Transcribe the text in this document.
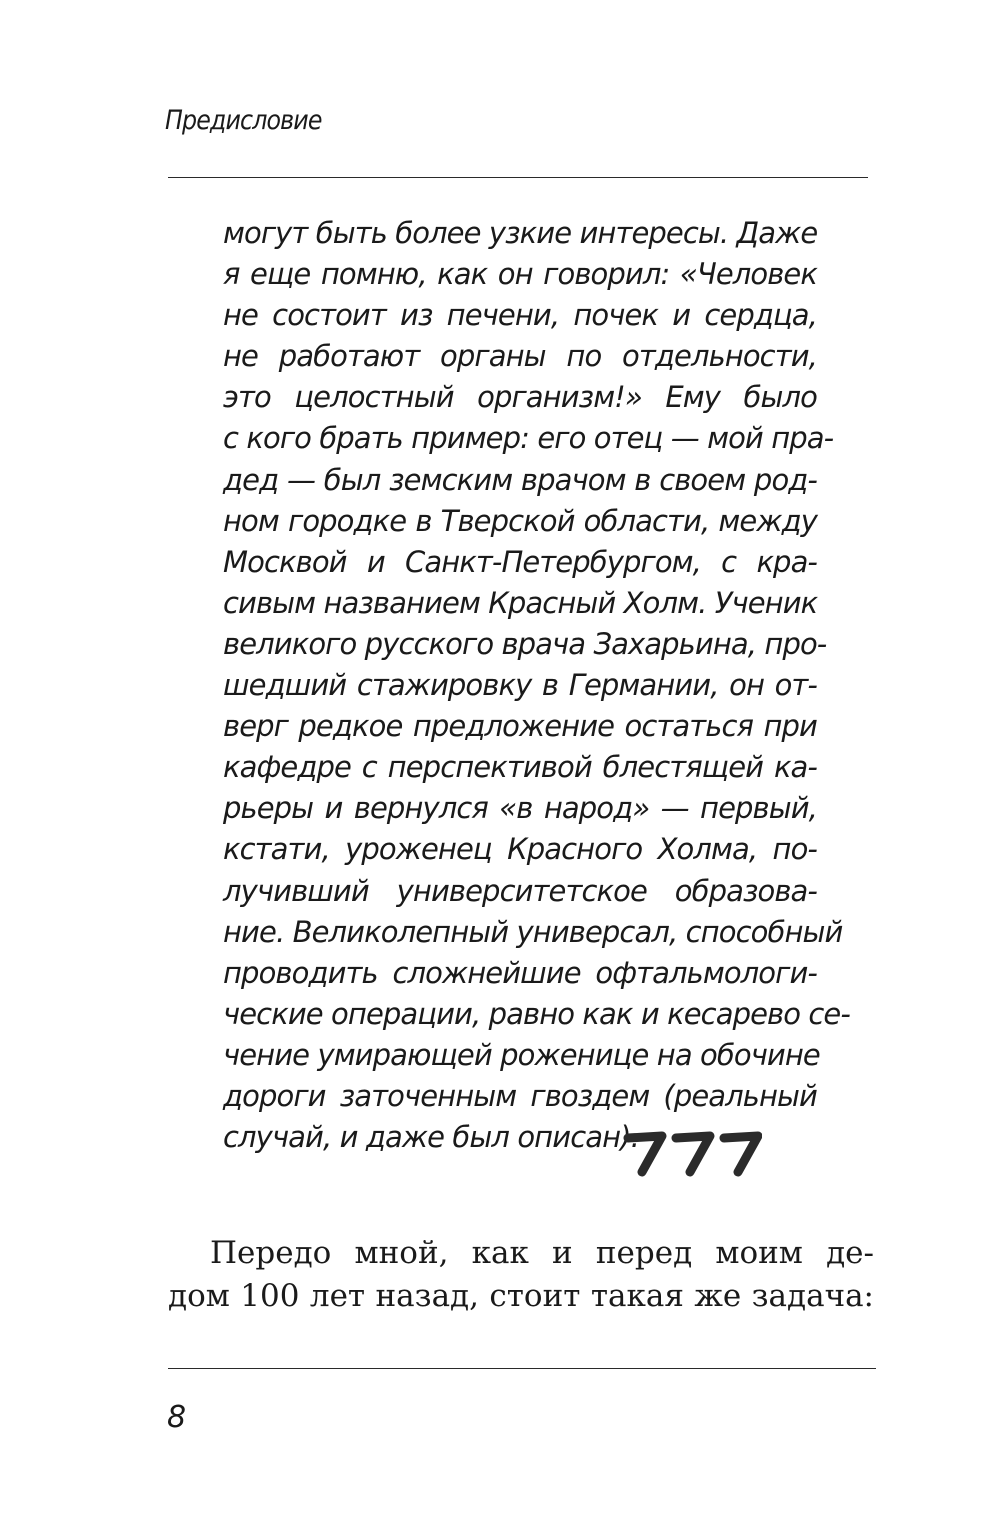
Предисловие
могут быть более узкие интересы. Даже
я еще помню, как он говорил: «Человек
не состоит из печени, почек и сердца,
не работают органы по отдельности,
это целостный организм!» Ему было
с кого брать пример: его отец — мой пра-
дед — был земским врачом в своем род-
ном городке в Тверской области, между
Москвой и Санкт-Петербургом, с кра-
сивым названием Красный Холм. Ученик
великого русского врача Захарьина, про-
шедший стажировку в Германии, он от-
верг редкое предложение остаться при
кафедре с перспективой блестящей ка-
рьеры и вернулся «в народ» — первый,
кстати, уроженец Красного Холма, по-
лучивший университетское образова-
ние. Великолепный универсал, способный
проводить сложнейшие офтальмологи-
ческие операции, равно как и кесарево се-
чение умирающей роженице на обочине
дороги заточенным гвоздем (реальный
случай, и даже был описан).
Передо мной, как и перед моим де-
дом 100 лет назад, стоит такая же задача:
8
